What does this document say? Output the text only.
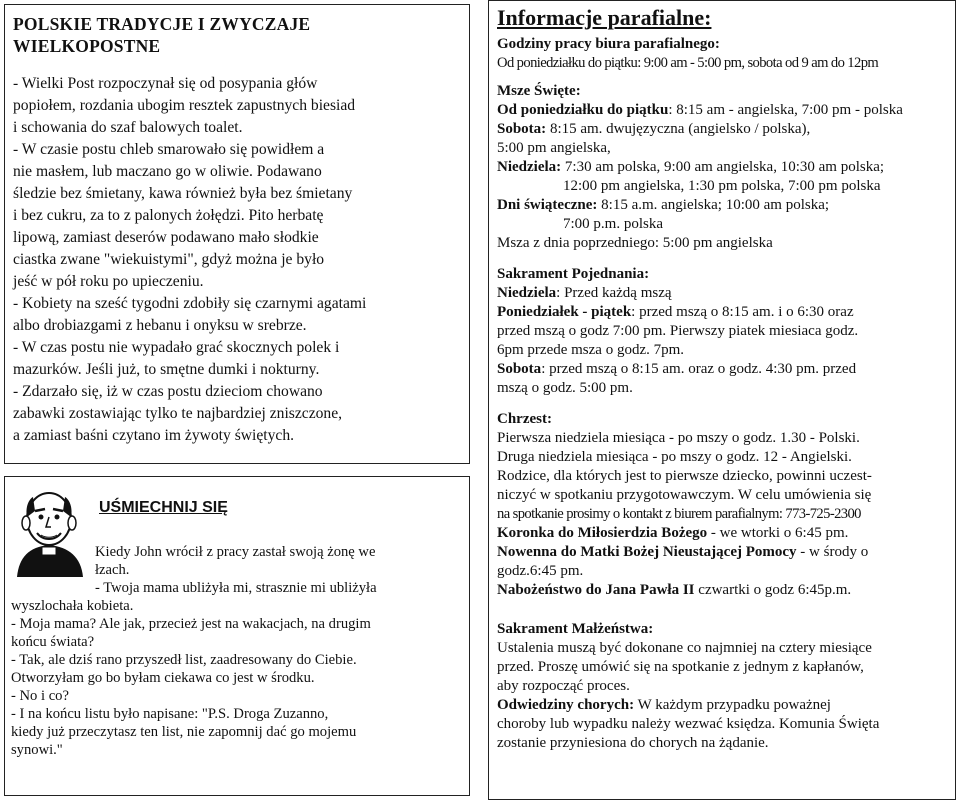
POLSKIE TRADYCJE I ZWYCZAJE
WIELKOPOSTNE
- Wielki Post rozpoczynał się od posypania głów
popiołem, rozdania ubogim resztek zapustnych biesiad
i schowania do szaf balowych toalet.
- W czasie postu chleb smarowało się powidłem a
nie masłem, lub maczano go w oliwie. Podawano
śledzie bez śmietany, kawa również była bez śmietany
i bez cukru, za to z palonych żołędzi. Pito herbatę
lipową, zamiast deserów podawano mało słodkie
ciastka zwane "wiekuistymi", gdyż można je było
jeść w pół roku po upieczeniu.
- Kobiety na sześć tygodni zdobiły się czarnymi agatami
albo drobiazgami z hebanu i onyksu w srebrze.
- W czas postu nie wypadało grać skocznych polek i
mazurków. Jeśli już, to smętne dumki i nokturny.
- Zdarzało się, iż w czas postu dzieciom chowano
zabawki zostawiając tylko te najbardziej zniszczone,
a zamiast baśni czytano im żywoty świętych.
UŚMIECHNIJ SIĘ
Kiedy John wrócił z pracy zastał swoją żonę we
łzach.
- Twoja mama ubliżyła mi, strasznie mi ubliżyła
wyszlochała kobieta.
- Moja mama? Ale jak, przecież jest na wakacjach, na drugim
końcu świata?
- Tak, ale dziś rano przyszedł list, zaadresowany do Ciebie.
Otworzyłam go bo byłam ciekawa co jest w środku.
- No i co?
- I na końcu listu było napisane: "P.S. Droga Zuzanno,
kiedy już przeczytasz ten list, nie zapomnij dać go mojemu
synowi."
Informacje parafialne:
Godziny pracy biura parafialnego:
Od poniedziałku do piątku: 9:00 am - 5:00 pm, sobota od 9 am do 12pm
Msze Święte:
Od poniedziałku do piątku: 8:15 am - angielska, 7:00 pm - polska
Sobota: 8:15 am. dwujęzyczna (angielsko / polska),
5:00 pm angielska,
Niedziela: 7:30 am polska, 9:00 am angielska, 10:30 am polska;
12:00 pm angielska, 1:30 pm polska, 7:00 pm polska
Dni świąteczne: 8:15 a.m. angielska; 10:00 am polska;
7:00 p.m. polska
Msza z dnia poprzedniego: 5:00 pm angielska
Sakrament Pojednania:
Niedziela: Przed każdą mszą
Poniedziałek - piątek: przed mszą o 8:15 am. i o 6:30 oraz
przed mszą o godz 7:00 pm. Pierwszy piatek miesiaca godz.
6pm przede msza o godz. 7pm.
Sobota: przed mszą o 8:15 am. oraz o godz. 4:30 pm. przed
mszą o godz. 5:00 pm.
Chrzest:
Pierwsza niedziela miesiąca - po mszy o godz. 1.30 - Polski.
Druga niedziela miesiąca - po mszy o godz. 12 - Angielski.
Rodzice, dla których jest to pierwsze dziecko, powinni uczest-
niczyć w spotkaniu przygotowawczym. W celu umówienia się
na spotkanie prosimy o kontakt z biurem parafialnym: 773-725-2300
Koronka do Miłosierdzia Bożego - we wtorki o 6:45 pm.
Nowenna do Matki Bożej Nieustającej Pomocy - w środy o
godz.6:45 pm.
Nabożeństwo do Jana Pawła II czwartki o godz 6:45p.m.
Sakrament Małżeństwa:
Ustalenia muszą być dokonane co najmniej na cztery miesiące
przed. Proszę umówić się na spotkanie z jednym z kapłanów,
aby rozpocząć proces.
Odwiedziny chorych: W każdym przypadku poważnej
choroby lub wypadku należy wezwać księdza. Komunia Święta
zostanie przyniesiona do chorych na żądanie.
